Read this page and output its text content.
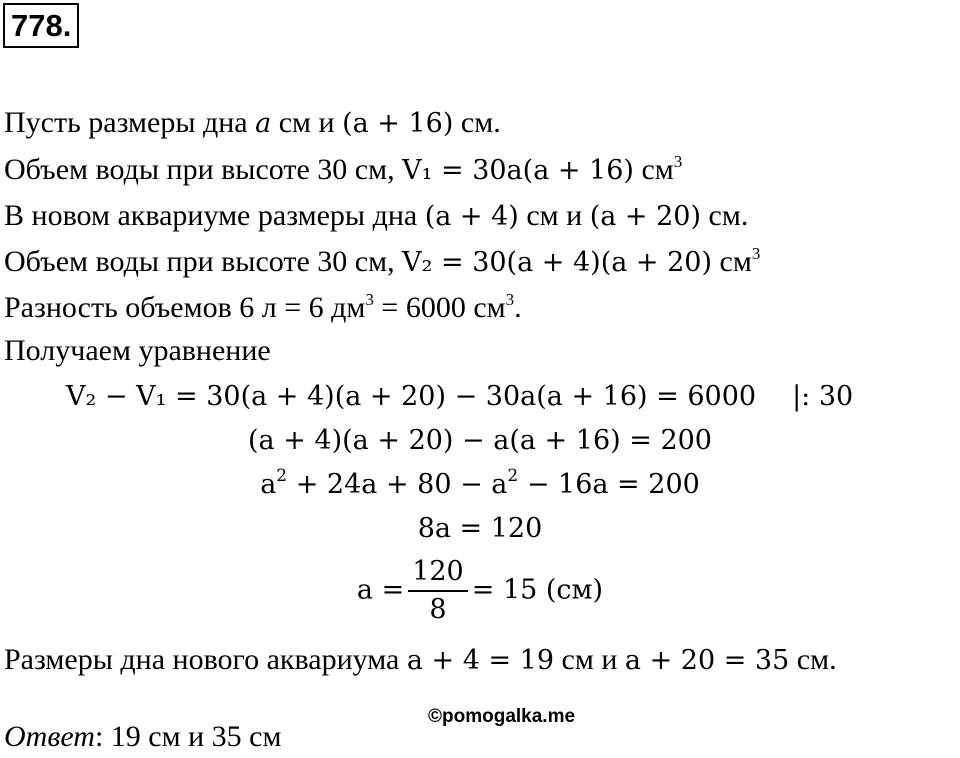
778.
Пусть размеры дна a см и (a + 16) см.
Объем воды при высоте 30 см, V₁ = 30a(a + 16) $см^3$
В новом аквариуме размеры дна (a + 4) см и (a + 20) см.
Объем воды при высоте 30 см, V₂ = 30(a + 4)(a + 20) $см^3$
Разность объемов 6 л = 6 $дм^3 = 6000$ $см^3$.
Получаем уравнение
V₂ − V₁ = 30(a + 4)(a + 20) − 30a(a + 16) = 6000 |: 30
(a + 4)(a + 20) − a(a + 16) = 200
$a^2 + 24a + 80 - a^2 - 16a = 200$
8a = 120
$a = \frac{120}{8} = 15$ (см)
Размеры дна нового аквариума a + 4 = 19 см и a + 20 = 35 см.
©pomogalka.me
Ответ: 19 см и 35 см
